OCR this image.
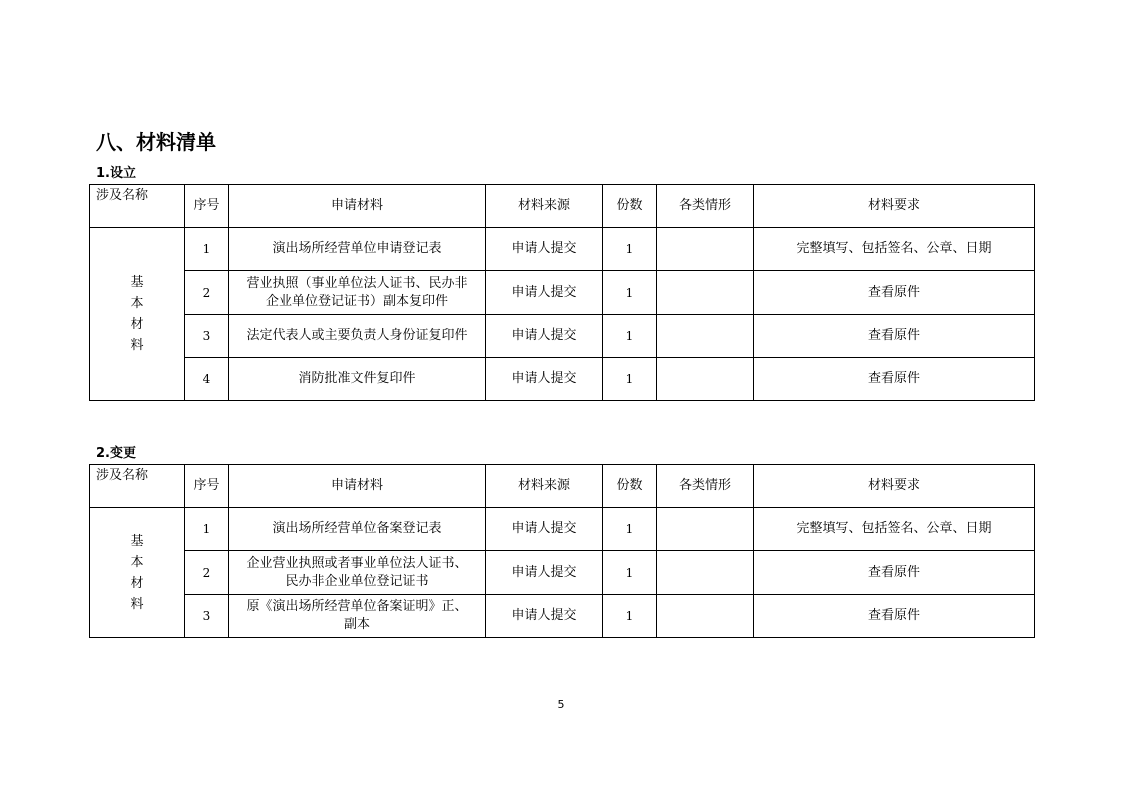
八、材料清单
1.设立
涉及名称	序号	申请材料	材料来源	份数	各类情形	材料要求

基
本
材
料	1	演出场所经营单位申请登记表	申请人提交	1		完整填写、包括签名、公章、日期
	2	营业执照（事业单位法人证书、民办非
企业单位登记证书）副本复印件	申请人提交	1		查看原件
	3	法定代表人或主要负责人身份证复印件	申请人提交	1		查看原件
	4	消防批准文件复印件	申请人提交	1		查看原件
2.变更
涉及名称	序号	申请材料	材料来源	份数	各类情形	材料要求

基
本
材
料	1	演出场所经营单位备案登记表	申请人提交	1		完整填写、包括签名、公章、日期
	2	企业营业执照或者事业单位法人证书、
民办非企业单位登记证书	申请人提交	1		查看原件
	3	原《演出场所经营单位备案证明》正、
副本	申请人提交	1		查看原件
5
